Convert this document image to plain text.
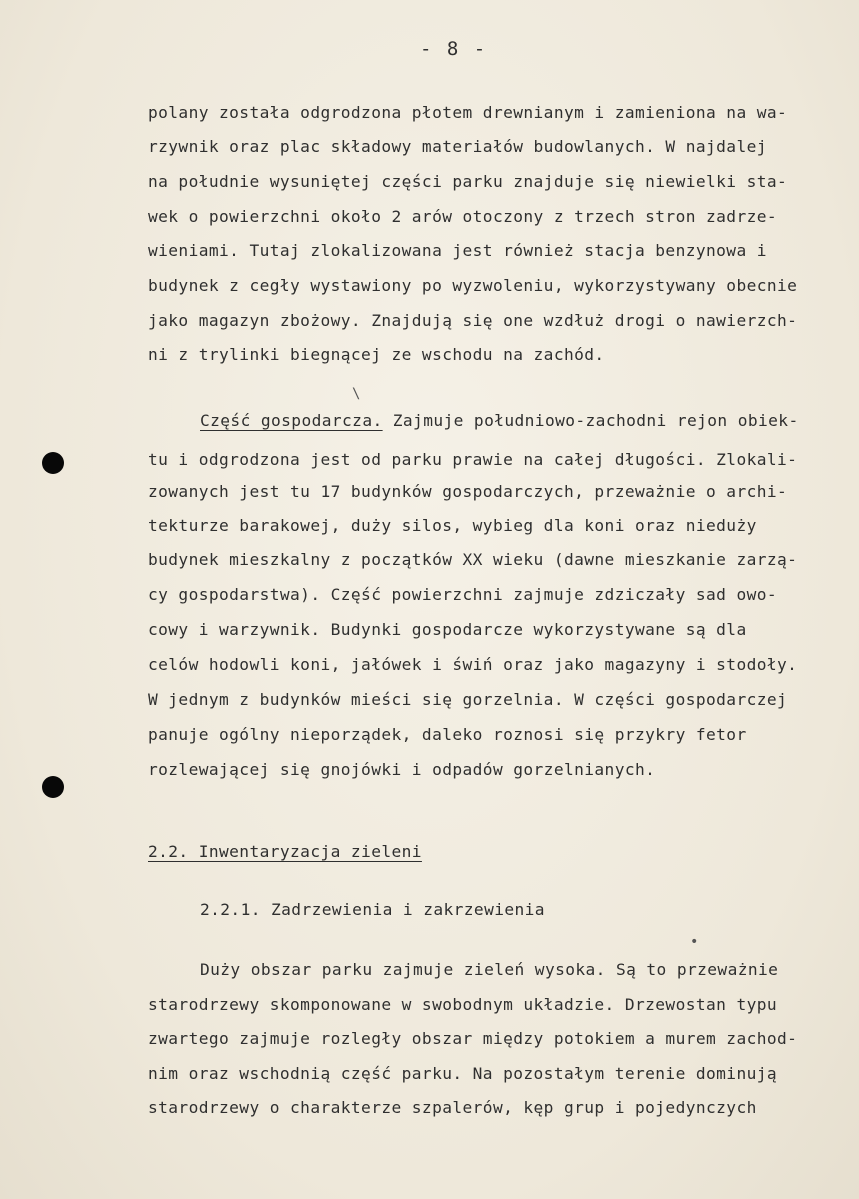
- 8 -
polany została odgrodzona płotem drewnianym i zamieniona na wa-
rzywnik oraz plac składowy materiałów budowlanych. W najdalej
na południe wysuniętej części parku znajduje się niewielki sta-
wek o powierzchni około 2 arów otoczony z trzech stron zadrze-
wieniami. Tutaj zlokalizowana jest również stacja benzynowa i
budynek z cegły wystawiony po wyzwoleniu, wykorzystywany obecnie
jako magazyn zbożowy. Znajdują się one wzdłuż drogi o nawierzch-
ni z trylinki biegnącej ze wschodu na zachód.
Część gospodarcza. Zajmuje południowo-zachodni rejon obiek-
tu i odgrodzona jest od parku prawie na całej długości. Zlokali-
zowanych jest tu 17 budynków gospodarczych, przeważnie o archi-
tekturze barakowej, duży silos, wybieg dla koni oraz nieduży
budynek mieszkalny z początków XX wieku (dawne mieszkanie zarzą-
cy gospodarstwa). Część powierzchni zajmuje zdziczały sad owo-
cowy i warzywnik. Budynki gospodarcze wykorzystywane są dla
celów hodowli koni, jałówek i świń oraz jako magazyny i stodoły.
W jednym z budynków mieści się gorzelnia. W części gospodarczej
panuje ogólny nieporządek, daleko roznosi się przykry fetor
rozlewającej się gnojówki i odpadów gorzelnianych.
2.2. Inwentaryzacja zieleni
2.2.1. Zadrzewienia i zakrzewienia
Duży obszar parku zajmuje zieleń wysoka. Są to przeważnie
starodrzewy skomponowane w swobodnym układzie. Drzewostan typu
zwartego zajmuje rozległy obszar między potokiem a murem zachod-
nim oraz wschodnią część parku. Na pozostałym terenie dominują
starodrzewy o charakterze szpalerów, kęp grup i pojedynczych
\
•
